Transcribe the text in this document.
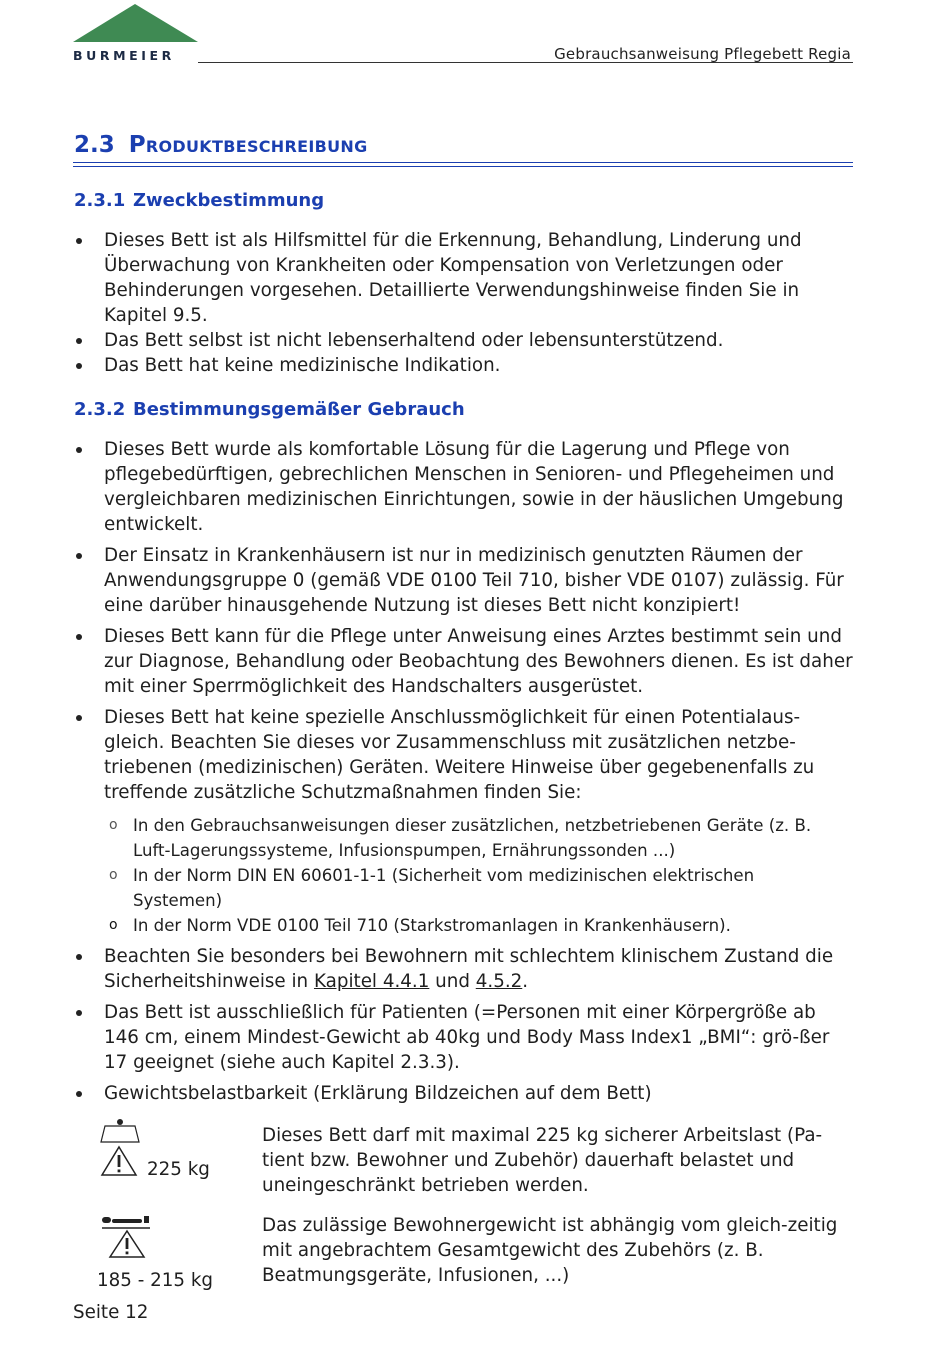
BURMEIER	Gebrauchsanweisung Pflegebett Regia
2.3 Produktbeschreibung
2.3.1 Zweckbestimmung
Dieses Bett ist als Hilfsmittel für die Erkennung, Behandlung, Linderung und Überwachung von Krankheiten oder Kompensation von Verletzungen oder Behinderungen vorgesehen. Detaillierte Verwendungshinweise finden Sie in Kapitel 9.5.
Das Bett selbst ist nicht lebenserhaltend oder lebensunterstützend.
Das Bett hat keine medizinische Indikation.
2.3.2 Bestimmungsgemäßer Gebrauch
Dieses Bett wurde als komfortable Lösung für die Lagerung und Pflege von pflegebedürftigen, gebrechlichen Menschen in Senioren- und Pflegeheimen und vergleichbaren medizinischen Einrichtungen, sowie in der häuslichen Umgebung entwickelt.
Der Einsatz in Krankenhäusern ist nur in medizinisch genutzten Räumen der Anwendungsgruppe 0 (gemäß VDE 0100 Teil 710, bisher VDE 0107) zulässig. Für eine darüber hinausgehende Nutzung ist dieses Bett nicht konzipiert!
Dieses Bett kann für die Pflege unter Anweisung eines Arztes bestimmt sein und zur Diagnose, Behandlung oder Beobachtung des Bewohners dienen. Es ist daher mit einer Sperrmöglichkeit des Handschalters ausgerüstet.
Dieses Bett hat keine spezielle Anschlussmöglichkeit für einen Potentialaus-gleich. Beachten Sie dieses vor Zusammenschluss mit zusätzlichen netzbe-triebenen (medizinischen) Geräten. Weitere Hinweise über gegebenenfalls zu treffende zusätzliche Schutzmaßnahmen finden Sie:
o In den Gebrauchsanweisungen dieser zusätzlichen, netzbetriebenen Geräte (z. B. Luft-Lagerungssysteme, Infusionspumpen, Ernährungssonden ...)
o In der Norm DIN EN 60601-1-1 (Sicherheit vom medizinischen elektrischen Systemen)
o In der Norm VDE 0100 Teil 710 (Starkstromanlagen in Krankenhäusern).
Beachten Sie besonders bei Bewohnern mit schlechtem klinischem Zustand die Sicherheitshinweise in Kapitel 4.4.1 und 4.5.2.
Das Bett ist ausschließlich für Patienten (=Personen mit einer Körpergröße ab 146 cm, einem Mindest-Gewicht ab 40kg und Body Mass Index1 „BMI“: grö-ßer 17 geeignet (siehe auch Kapitel 2.3.3).
Gewichtsbelastbarkeit (Erklärung Bildzeichen auf dem Bett)
225 kg
Dieses Bett darf mit maximal 225 kg sicherer Arbeitslast (Pa-tient bzw. Bewohner und Zubehör) dauerhaft belastet und uneingeschränkt betrieben werden.
185 - 215 kg
Das zulässige Bewohnergewicht ist abhängig vom gleich-zeitig mit angebrachtem Gesamtgewicht des Zubehörs (z. B. Beatmungsgeräte, Infusionen, ...)
Seite 12
